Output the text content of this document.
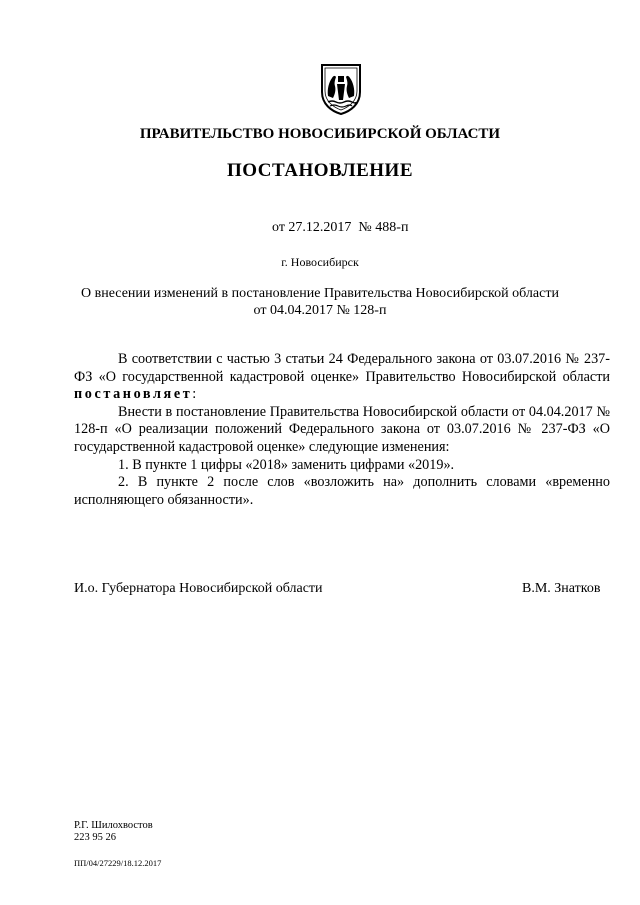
ПРАВИТЕЛЬСТВО НОВОСИБИРСКОЙ ОБЛАСТИ
ПОСТАНОВЛЕНИЕ
от 27.12.2017  № 488-п
г. Новосибирск
О внесении изменений в постановление Правительства Новосибирской области
от 04.04.2017 № 128-п

В соответствии с частью 3 статьи 24 Федерального закона от 03.07.2016 № 237-ФЗ «О государственной кадастровой оценке» Правительство Новосибирской области постановляет:

Внести в постановление Правительства Новосибирской области от 04.04.2017 № 128-п «О реализации положений Федерального закона от 03.07.2016 № 237-ФЗ «О государственной кадастровой оценке» следующие изменения:

1. В пункте 1 цифры «2018» заменить цифрами «2019».

2. В пункте 2 после слов «возложить на» дополнить словами «временно исполняющего обязанности».

И.о. Губернатора Новосибирской области	В.М. Знатков
Р.Г. Шилохвостов
223 95 26
ПП/04/27229/18.12.2017
